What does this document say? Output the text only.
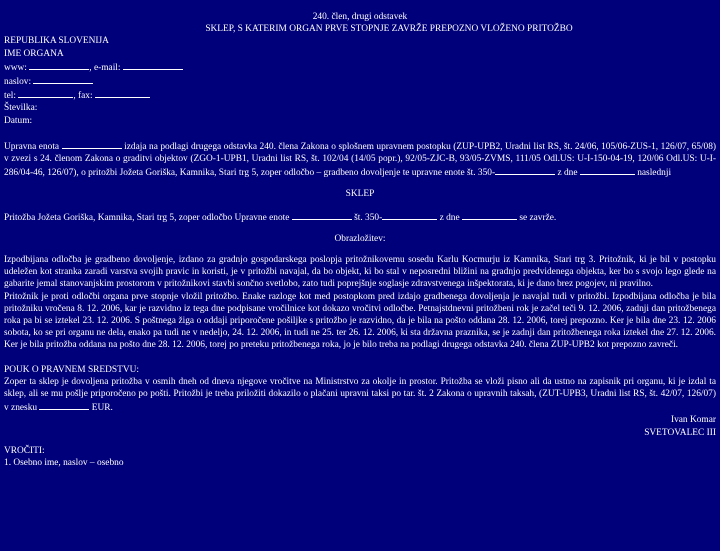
240. člen, drugi odstavek
SKLEP, S KATERIM ORGAN PRVE STOPNJE ZAVRŽE PREPOZNO VLOŽENO PRITOŽBO
REPUBLIKA SLOVENIJA
IME ORGANA
www:	, e-mail:
naslov:
tel:	, fax:
Številka:
Datum:
Upravna enota	izdaja na podlagi drugega odstavka 240. člena Zakona o splošnem upravnem postopku (ZUP-UPB2, Uradni list RS, št. 24/06, 105/06-ZUS-1, 126/07, 65/08) v zvezi s 24. členom Zakona o graditvi objektov (ZGO-1-UPB1, Uradni list RS, št. 102/04 (14/05 popr.), 92/05-ZJC-B, 93/05-ZVMS, 111/05 Odl.US: U-I-150-04-19, 120/06 Odl.US: U-I-286/04-46, 126/07), o pritožbi Jožeta Goriška, Kamnika, Stari trg 5, zoper odločbo – gradbeno dovoljenje te upravne enote št. 350-	z dne	naslednji
SKLEP
Pritožba Jožeta Goriška, Kamnika, Stari trg 5, zoper odločbo Upravne enote	št. 350-	z dne	se zavrže.
Obrazložitev:
Izpodbijana odločba je gradbeno dovoljenje, izdano za gradnjo gospodarskega poslopja pritožnikovemu sosedu Karlu Kocmurju iz Kamnika, Stari trg 3. Pritožnik, ki je bil v postopku udeležen kot stranka zaradi varstva svojih pravic in koristi, je v pritožbi navajal, da bo objekt, ki bo stal v neposredni bližini na gradnjo predvidenega objekta, ker bo s svojo lego glede na gabarite jemal stanovanjskim prostorom v pritožnikovi stavbi sončno svetlobo, zato tudi poprejšnje soglasje zdravstvenega inšpektorata, ki je dano brez pogojev, ni pravilno.
Pritožnik je proti odločbi organa prve stopnje vložil pritožbo. Enake razloge kot med postopkom pred izdajo gradbenega dovoljenja je navajal tudi v pritožbi. Izpodbijana odločba je bila pritožniku vročena 8. 12. 2006, kar je razvidno iz tega dne podpisane vročilnice kot dokazo vročitvi odločbe. Petnajstdnevni pritožbeni rok je začel teči 9. 12. 2006, zadnji dan pritožbenega roka pa bi se iztekel 23. 12. 2006. S poštnega žiga o oddaji priporočene pošiljke s pritožbo je razvidno, da je bila na pošto oddana 28. 12. 2006, torej prepozno. Ker je bila dne 23. 12. 2006 sobota, ko se pri organu ne dela, enako pa tudi ne v nedeljo, 24. 12. 2006, in tudi ne 25. ter 26. 12. 2006, ki sta državna praznika, se je zadnji dan pritožbenega roka iztekel dne 27. 12. 2006. Ker je bila pritožba oddana na pošto dne 28. 12. 2006, torej po preteku pritožbenega roka, jo je bilo treba na podlagi drugega odstavka 240. člena ZUP-UPB2 kot prepozno zavreči.
POUK O PRAVNEM SREDSTVU:
Zoper ta sklep je dovoljena pritožba v osmih dneh od dneva njegove vročitve na Ministrstvo za okolje in prostor. Pritožba se vloži pisno ali da ustno na zapisnik pri organu, ki je izdal ta sklep, ali se mu pošlje priporočeno po pošti. Pritožbi je treba priložiti dokazilo o plačani upravni taksi po tar. št. 2 Zakona o upravnih taksah, (ZUT-UPB3, Uradni list RS, št. 42/07, 126/07) v znesku	EUR.
Ivan Komar
SVETOVALEC III
VROČITI:
1. Osebno ime, naslov – osebno
